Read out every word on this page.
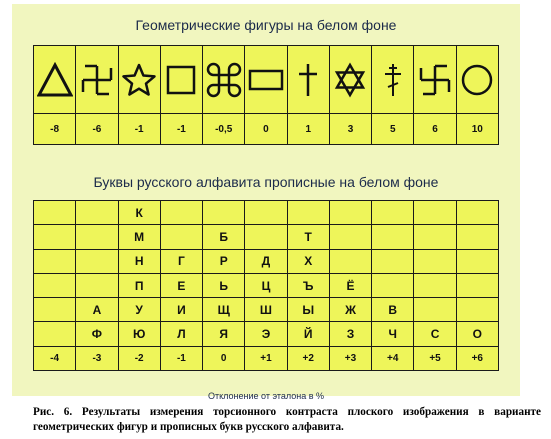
Геометрические фигуры на белом фоне

-8	-6	-1	-1	-0,5	0	1	3	5	6	10
Буквы русского алфавита прописные на белом фоне
		К								
		М		Б		Т				
		Н	Г	Р	Д	Х				
		П	Е	Ь	Ц	Ъ	Ё			
	А	У	И	Щ	Ш	Ы	Ж	В		
	Ф	Ю	Л	Я	Э	Й	З	Ч	С	О
-4	-3	-2	-1	0	+1	+2	+3	+4	+5	+6
Отклонение от эталона в %
Рис. 6. Результаты измерения торсионного контраста плоского изображения в варианте геометрических фигур и прописных букв русского алфавита.
